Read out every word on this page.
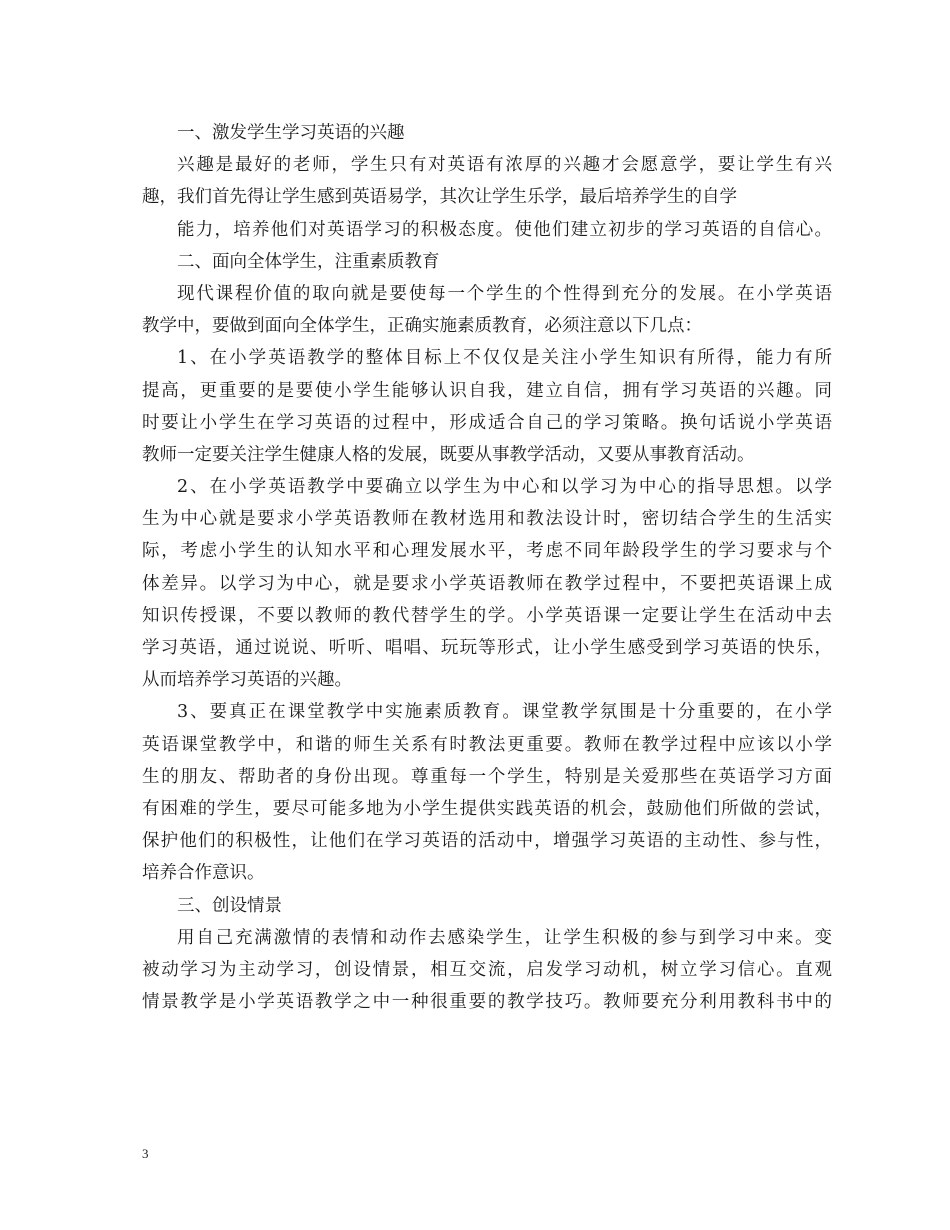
一、激发学生学习英语的兴趣
兴趣是最好的老师，学生只有对英语有浓厚的兴趣才会愿意学，要让学生有兴
趣，我们首先得让学生感到英语易学，其次让学生乐学，最后培养学生的自学
能力，培养他们对英语学习的积极态度。使他们建立初步的学习英语的自信心。
二、面向全体学生，注重素质教育
现代课程价值的取向就是要使每一个学生的个性得到充分的发展。在小学英语
教学中，要做到面向全体学生，正确实施素质教育，必须注意以下几点：
1、在小学英语教学的整体目标上不仅仅是关注小学生知识有所得，能力有所
提高，更重要的是要使小学生能够认识自我，建立自信，拥有学习英语的兴趣。同
时要让小学生在学习英语的过程中，形成适合自己的学习策略。换句话说小学英语
教师一定要关注学生健康人格的发展，既要从事教学活动，又要从事教育活动。
2、在小学英语教学中要确立以学生为中心和以学习为中心的指导思想。以学
生为中心就是要求小学英语教师在教材选用和教法设计时，密切结合学生的生活实
际，考虑小学生的认知水平和心理发展水平，考虑不同年龄段学生的学习要求与个
体差异。以学习为中心，就是要求小学英语教师在教学过程中，不要把英语课上成
知识传授课，不要以教师的教代替学生的学。小学英语课一定要让学生在活动中去
学习英语，通过说说、听听、唱唱、玩玩等形式，让小学生感受到学习英语的快乐，
从而培养学习英语的兴趣。
3、要真正在课堂教学中实施素质教育。课堂教学氛围是十分重要的，在小学
英语课堂教学中，和谐的师生关系有时教法更重要。教师在教学过程中应该以小学
生的朋友、帮助者的身份出现。尊重每一个学生，特别是关爱那些在英语学习方面
有困难的学生，要尽可能多地为小学生提供实践英语的机会，鼓励他们所做的尝试，
保护他们的积极性，让他们在学习英语的活动中，增强学习英语的主动性、参与性，
培养合作意识。
三、创设情景
用自己充满激情的表情和动作去感染学生，让学生积极的参与到学习中来。变
被动学习为主动学习，创设情景，相互交流，启发学习动机，树立学习信心。直观
情景教学是小学英语教学之中一种很重要的教学技巧。教师要充分利用教科书中的
3
